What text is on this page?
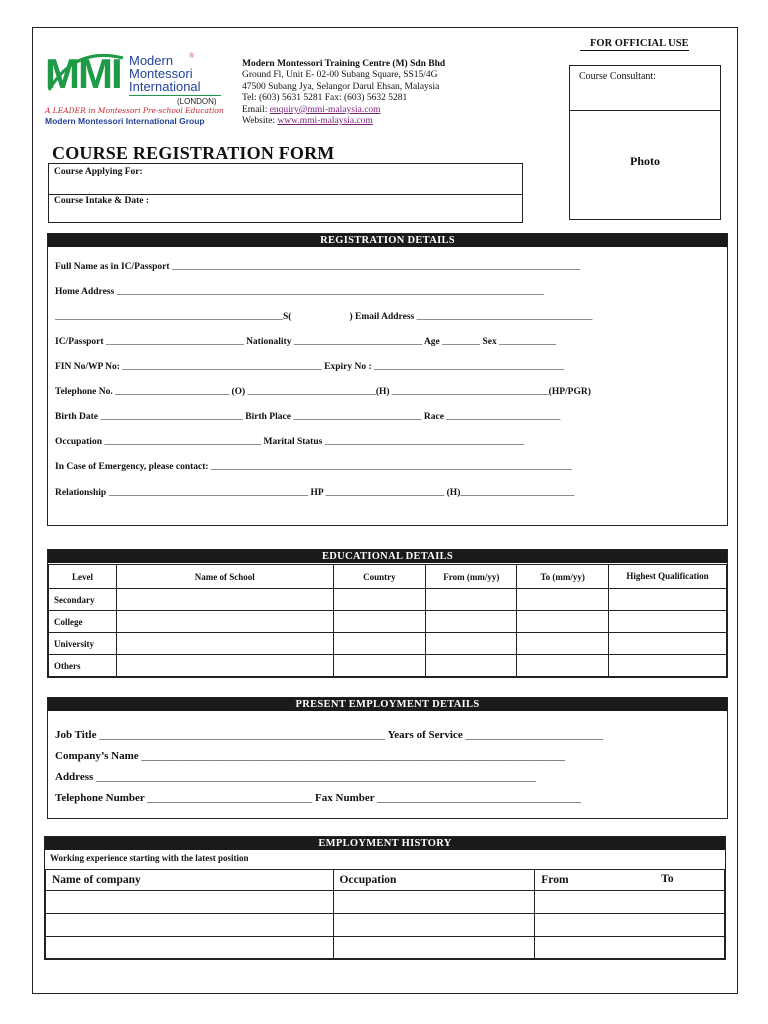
FOR OFFICIAL USE
Course Consultant:
Photo
MMI Modern
Montessori
International
®
(LONDON)
A LEADER in Montessori Pre-school Education
Modern Montessori International Group
Modern Montessori Training Centre (M) Sdn Bhd
Ground Fl, Unit E- 02-00 Subang Square, SS15/4G
47500 Subang Jya, Selangor Darul Ehsan, Malaysia
Tel: (603) 5631 5281 Fax: (603) 5632 5281
Email: enquiry@mmi-malaysia.com
Website: www.mmi-malaysia.com
COURSE REGISTRATION FORM
Course Applying For:
Course Intake & Date :
REGISTRATION DETAILS
Full Name as in IC/Passport ______________________________________________________________________________________
Home Address __________________________________________________________________________________________
________________________________________________S(	) Email Address _____________________________________
IC/Passport _____________________________ Nationality ___________________________ Age ________ Sex ____________
FIN No/WP No: __________________________________________ Expiry No : ________________________________________
Telephone No. ________________________ (O) ___________________________(H) _________________________________(HP/PGR)
Birth Date ______________________________ Birth Place ___________________________ Race ________________________
Occupation _________________________________ Marital Status __________________________________________
In Case of Emergency, please contact: ____________________________________________________________________________
Relationship __________________________________________ HP _________________________ (H)________________________
EDUCATIONAL DETAILS
Level	Name of School	Country	From (mm/yy)	To (mm/yy)	Highest Qualification
Secondary					
College					
University					
Others					
PRESENT EMPLOYMENT DETAILS
Job Title ____________________________________________________ Years of Service _________________________
Company’s Name _____________________________________________________________________________
Address ________________________________________________________________________________
Telephone Number ______________________________ Fax Number _____________________________________
EMPLOYMENT HISTORY
Working experience starting with the latest position
Name of company	Occupation	From To
